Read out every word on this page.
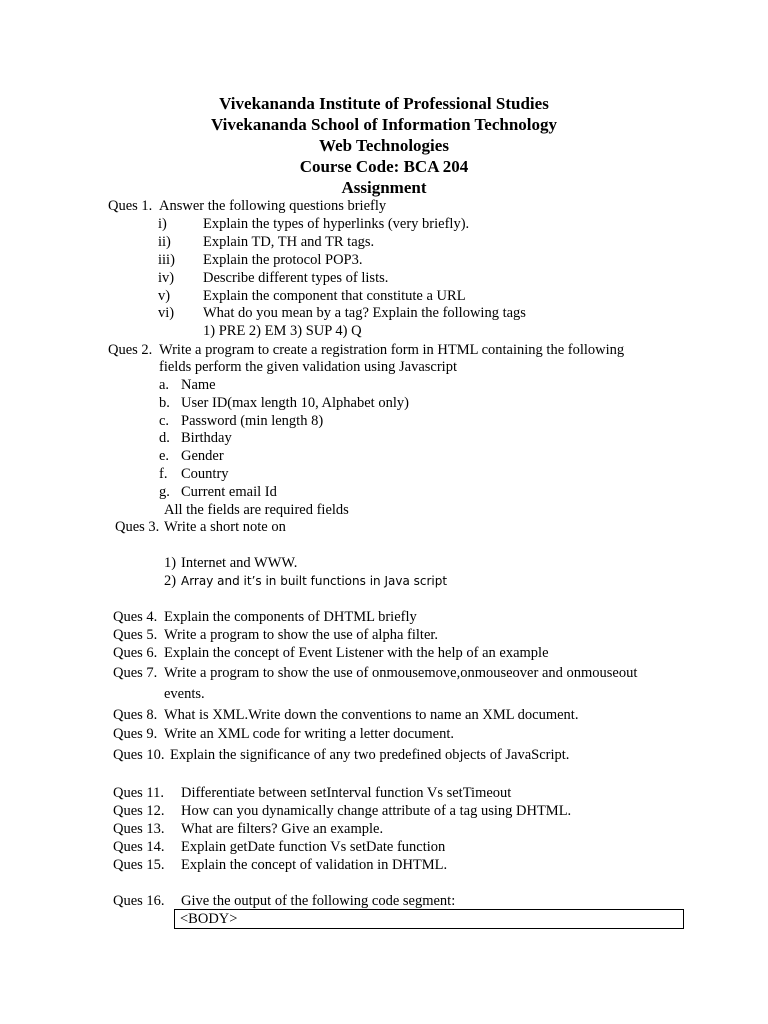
Vivekananda Institute of Professional Studies
Vivekananda School of Information Technology
Web Technologies
Course Code: BCA 204
Assignment
Ques 1. Answer the following questions briefly
i) Explain the types of hyperlinks (very briefly).
ii) Explain TD, TH and TR tags.
iii) Explain the protocol POP3.
iv) Describe different types of lists.
v) Explain the component that constitute a URL
vi) What do you mean by a tag? Explain the following tags
1) PRE 2) EM 3) SUP 4) Q
Ques 2. Write a program to create a registration form in HTML containing the following
fields perform the given validation using Javascript
a. Name
b. User ID(max length 10, Alphabet only)
c. Password (min length 8)
d. Birthday
e. Gender
f. Country
g. Current email Id
All the fields are required fields
Ques 3. Write a short note on
1) Internet and WWW.
2) Array and it’s in built functions in Java script
Ques 4. Explain the components of DHTML briefly
Ques 5. Write a program to show the use of alpha filter.
Ques 6. Explain the concept of Event Listener with the help of an example
Ques 7. Write a program to show the use of onmousemove,onmouseover and onmouseout
events.
Ques 8. What is XML.Write down the conventions to name an XML document.
Ques 9. Write an XML code for writing a letter document.
Ques 10. Explain the significance of any two predefined objects of JavaScript.
Ques 11. Differentiate between setInterval function Vs setTimeout
Ques 12. How can you dynamically change attribute of a tag using DHTML.
Ques 13. What are filters? Give an example.
Ques 14. Explain getDate function Vs setDate function
Ques 15. Explain the concept of validation in DHTML.
Ques 16. Give the output of the following code segment:
<BODY>
